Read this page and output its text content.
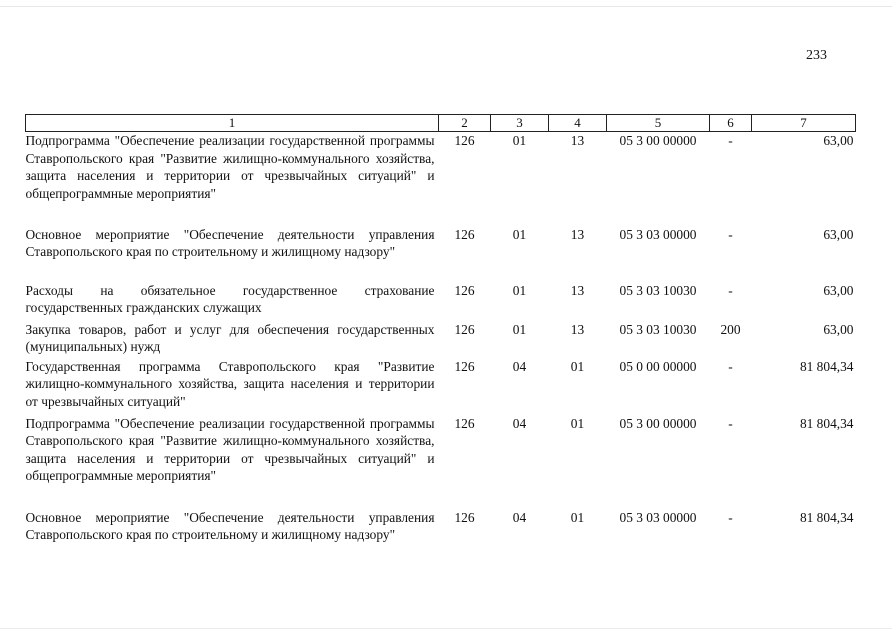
233
1	2	3	4	5	6	7
Подпрограмма "Обеспечение реализации государственной программы Ставропольского края "Развитие жилищно-коммунального хозяйства, защита населения и территории от чрезвычайных ситуаций" и общепрограммные мероприятия"	126	01	13	05 3 00 00000	-	63,00
Основное мероприятие "Обеспечение деятельности управления Ставропольского края по строительному и жилищному надзору"	126	01	13	05 3 03 00000	-	63,00
Расходы на обязательное государственное страхование государственных гражданских служащих	126	01	13	05 3 03 10030	-	63,00
Закупка товаров, работ и услуг для обеспечения государственных (муниципальных) нужд	126	01	13	05 3 03 10030	200	63,00
Государственная программа Ставропольского края "Развитие жилищно-коммунального хозяйства, защита населения и территории от чрезвычайных ситуаций"	126	04	01	05 0 00 00000	-	81 804,34
Подпрограмма "Обеспечение реализации государственной программы Ставропольского края "Развитие жилищно-коммунального хозяйства, защита населения и территории от чрезвычайных ситуаций" и общепрограммные мероприятия"	126	04	01	05 3 00 00000	-	81 804,34
Основное мероприятие "Обеспечение деятельности управления Ставропольского края по строительному и жилищному надзору"	126	04	01	05 3 03 00000	-	81 804,34
